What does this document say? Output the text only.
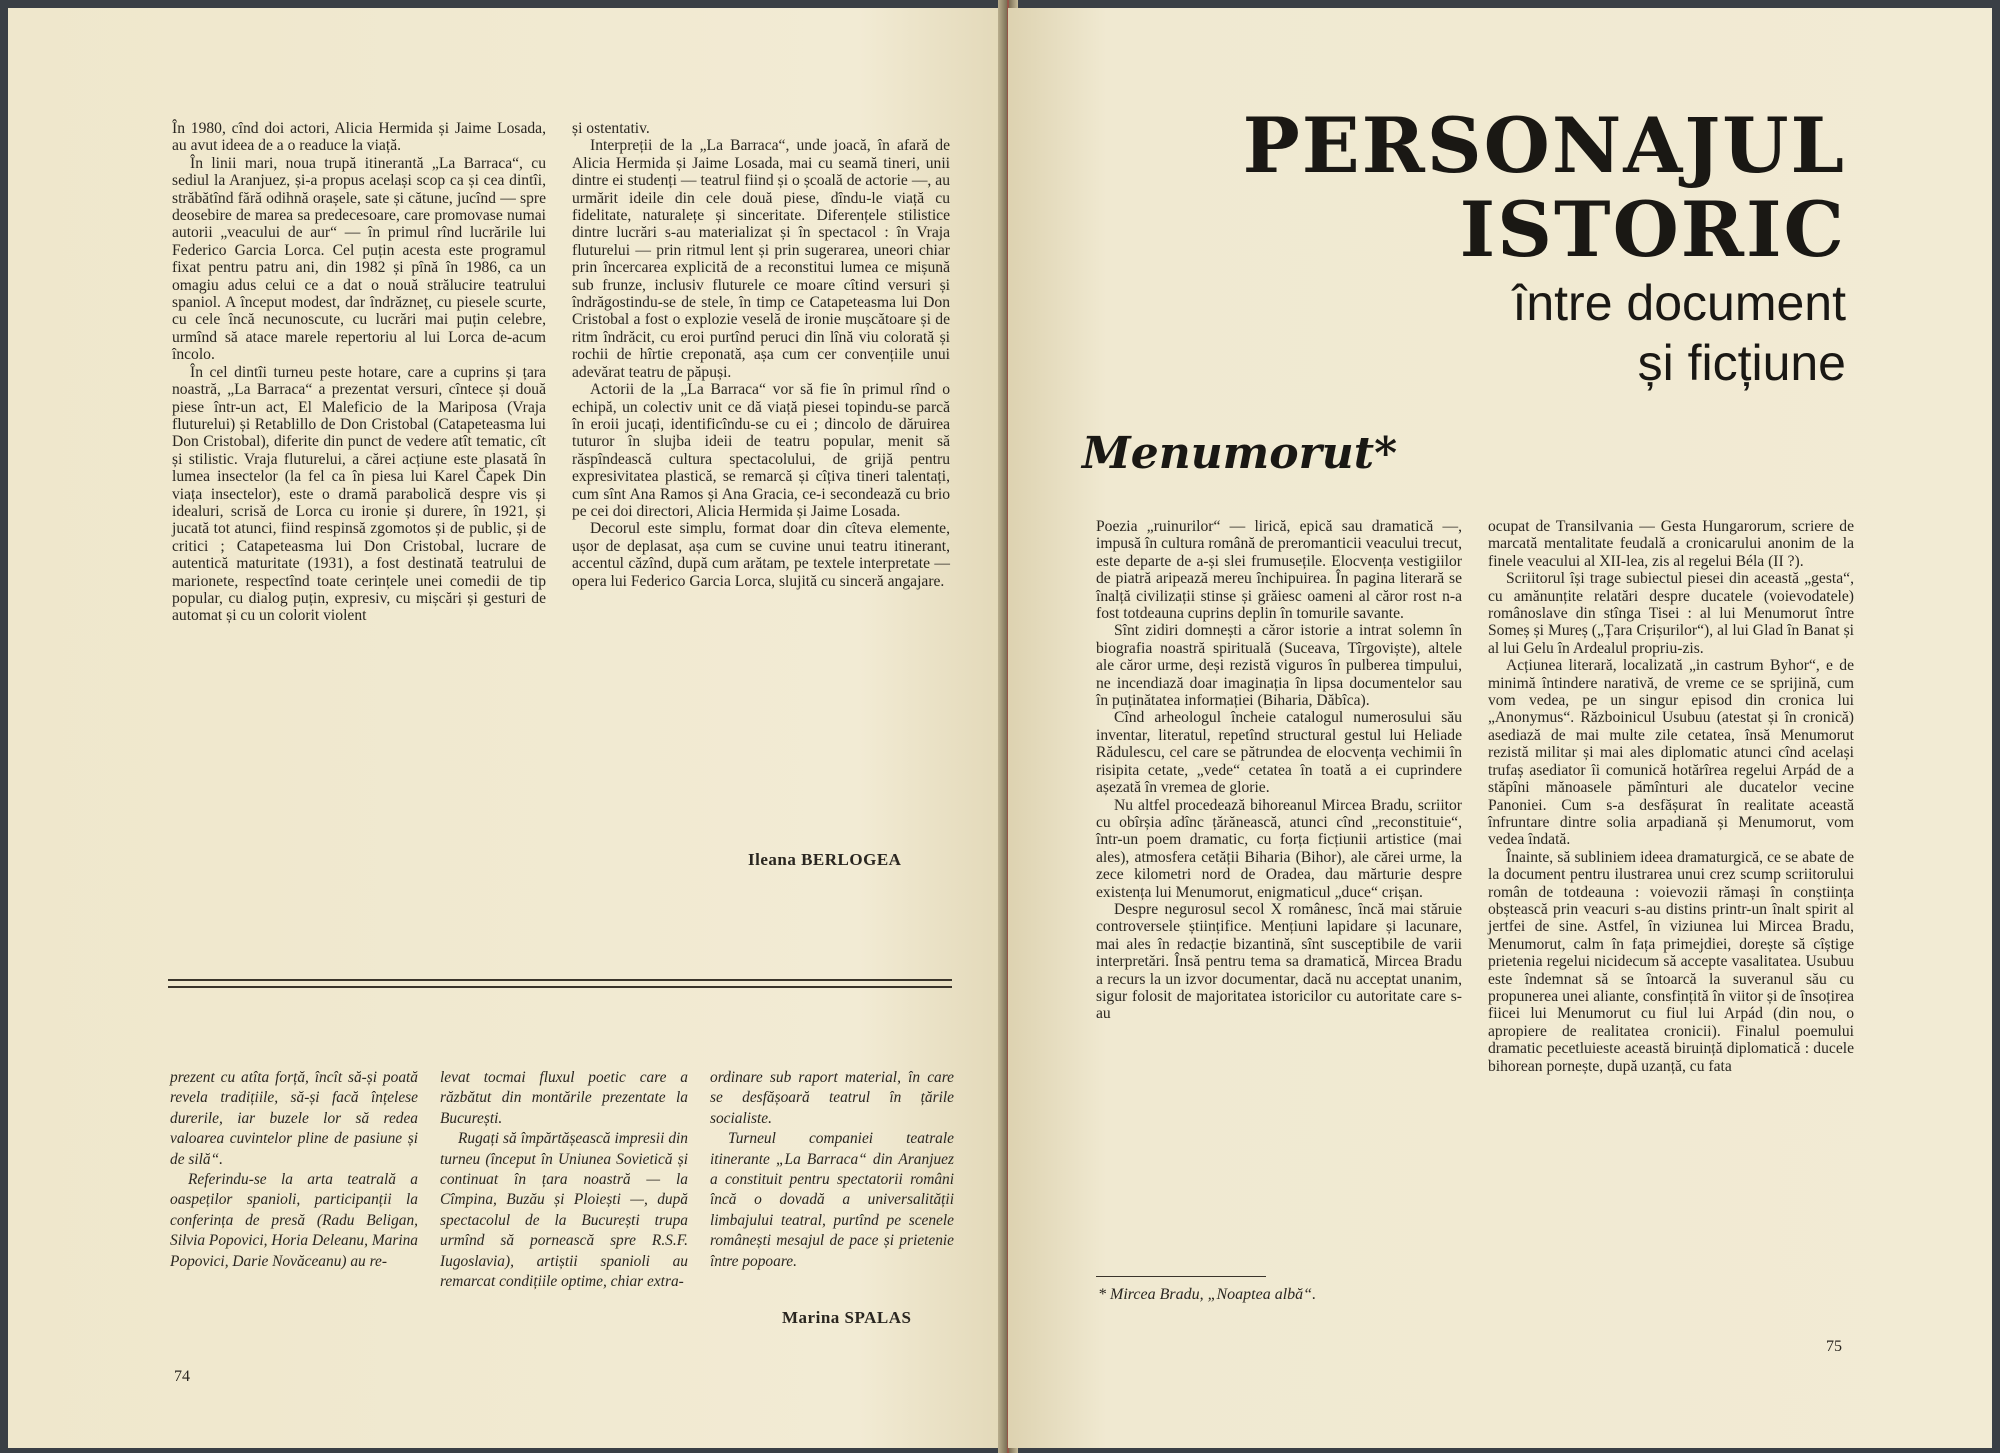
În 1980, cînd doi actori, Alicia Hermida și Jaime Losada, au avut ideea de a o readuce la viață.

În linii mari, noua trupă itinerantă „La Barraca“, cu sediul la Aranjuez, și-a propus același scop ca și cea dintîi, străbătînd fără odihnă orașele, sate și cătune, jucînd — spre deosebire de marea sa predecesoare, care promovase numai autorii „veacului de aur“ — în primul rînd lucrările lui Federico Garcia Lorca. Cel puțin acesta este programul fixat pentru patru ani, din 1982 și pînă în 1986, ca un omagiu adus celui ce a dat o nouă strălucire teatrului spaniol. A început modest, dar îndrăzneț, cu piesele scurte, cu cele încă necunoscute, cu lucrări mai puțin celebre, urmînd să atace marele repertoriu al lui Lorca de-acum încolo.

În cel dintîi turneu peste hotare, care a cuprins și țara noastră, „La Barraca“ a prezentat versuri, cîntece și două piese într-un act, El Maleficio de la Mariposa (Vraja fluturelui) și Retablillo de Don Cristobal (Catapeteasma lui Don Cristobal), diferite din punct de vedere atît tematic, cît și stilistic. Vraja fluturelui, a cărei acțiune este plasată în lumea insectelor (la fel ca în piesa lui Karel Čapek Din viața insectelor), este o dramă parabolică despre vis și idealuri, scrisă de Lorca cu ironie și durere, în 1921, și jucată tot atunci, fiind respinsă zgomotos și de public, și de critici ; Catapeteasma lui Don Cristobal, lucrare de autentică maturitate (1931), a fost destinată teatrului de marionete, respectînd toate cerințele unei comedii de tip popular, cu dialog puțin, expresiv, cu mișcări și gesturi de automat și cu un colorit violent

și ostentativ.

Interpreții de la „La Barraca“, unde joacă, în afară de Alicia Hermida și Jaime Losada, mai cu seamă tineri, unii dintre ei studenți — teatrul fiind și o școală de actorie —, au urmărit ideile din cele două piese, dîndu-le viață cu fidelitate, naturalețe și sinceritate. Diferențele stilistice dintre lucrări s-au materializat și în spectacol : în Vraja fluturelui — prin ritmul lent și prin sugerarea, uneori chiar prin încercarea explicită de a reconstitui lumea ce mișună sub frunze, inclusiv fluturele ce moare cîtind versuri și îndrăgostindu-se de stele, în timp ce Catapeteasma lui Don Cristobal a fost o explozie veselă de ironie mușcătoare și de ritm îndrăcit, cu eroi purtînd peruci din lînă viu colorată și rochii de hîrtie creponată, așa cum cer convențiile unui adevărat teatru de păpuși.

Actorii de la „La Barraca“ vor să fie în primul rînd o echipă, un colectiv unit ce dă viață piesei topindu-se parcă în eroii jucați, identificîndu-se cu ei ; dincolo de dăruirea tuturor în slujba ideii de teatru popular, menit să răspîndească cultura spectacolului, de grijă pentru expresivitatea plastică, se remarcă și cîțiva tineri talentați, cum sînt Ana Ramos și Ana Gracia, ce-i secondează cu brio pe cei doi directori, Alicia Hermida și Jaime Losada.

Decorul este simplu, format doar din cîteva elemente, ușor de deplasat, așa cum se cuvine unui teatru itinerant, accentul căzînd, după cum arătam, pe textele interpretate — opera lui Federico Garcia Lorca, slujită cu sinceră angajare.

Ileana BERLOGEA

prezent cu atîta forță, încît să-și poată revela tradițiile, să-și facă înțelese durerile, iar buzele lor să redea valoarea cuvintelor pline de pasiune și de silă“.

Referindu-se la arta teatrală a oaspeților spanioli, participanții la conferința de presă (Radu Beligan, Silvia Popovici, Horia Deleanu, Marina Popovici, Darie Novăceanu) au re-

levat tocmai fluxul poetic care a răzbătut din montările prezentate la București.

Rugați să împărtășească impresii din turneu (început în Uniunea Sovietică și continuat în țara noastră — la Cîmpina, Buzău și Ploiești —, după spectacolul de la București trupa urmînd să pornească spre R.S.F. Iugoslavia), artiștii spanioli au remarcat condițiile optime, chiar extra-

ordinare sub raport material, în care se desfășoară teatrul în țările socialiste.

Turneul companiei teatrale itinerante „La Barraca“ din Aranjuez a constituit pentru spectatorii români încă o dovadă a universalității limbajului teatral, purtînd pe scenele românești mesajul de pace și prietenie între popoare.

Marina SPALAS
74
PERSONAJUL
ISTORIC
între document
și ficțiune
Menumorut*

Poezia „ruinurilor“ — lirică, epică sau dramatică —, impusă în cultura română de preromanticii veacului trecut, este departe de a-și slei frumusețile. Elocvența vestigiilor de piatră aripează mereu închipuirea. În pagina literară se înalță civilizații stinse și grăiesc oameni al căror rost n-a fost totdeauna cuprins deplin în tomurile savante.

Sînt zidiri domnești a căror istorie a intrat solemn în biografia noastră spirituală (Suceava, Tîrgoviște), altele ale căror urme, deși rezistă viguros în pulberea timpului, ne incendiază doar imaginația în lipsa documentelor sau în puținătatea informației (Biharia, Dăbîca).

Cînd arheologul încheie catalogul numerosului său inventar, literatul, repetînd structural gestul lui Heliade Rădulescu, cel care se pătrundea de elocvența vechimii în risipita cetate, „vede“ cetatea în toată a ei cuprindere așezată în vremea de glorie.

Nu altfel procedează bihoreanul Mircea Bradu, scriitor cu obîrșia adînc țărănească, atunci cînd „reconstituie“, într-un poem dramatic, cu forța ficțiunii artistice (mai ales), atmosfera cetății Biharia (Bihor), ale cărei urme, la zece kilometri nord de Oradea, dau mărturie despre existența lui Menumorut, enigmaticul „duce“ crișan.

Despre negurosul secol X românesc, încă mai stăruie controversele științifice. Mențiuni lapidare și lacunare, mai ales în redacție bizantină, sînt susceptibile de varii interpretări. Însă pentru tema sa dramatică, Mircea Bradu a recurs la un izvor documentar, dacă nu acceptat unanim, sigur folosit de majoritatea istoricilor cu autoritate care s-au

* Mircea Bradu, „Noaptea albă“.

ocupat de Transilvania — Gesta Hungarorum, scriere de marcată mentalitate feudală a cronicarului anonim de la finele veacului al XII-lea, zis al regelui Béla (II ?).

Scriitorul își trage subiectul piesei din această „gesta“, cu amănunțite relatări despre ducatele (voievodatele) românoslave din stînga Tisei : al lui Menumorut între Someș și Mureș („Țara Crișurilor“), al lui Glad în Banat și al lui Gelu în Ardealul propriu-zis.

Acțiunea literară, localizată „in castrum Byhor“, e de minimă întindere narativă, de vreme ce se sprijină, cum vom vedea, pe un singur episod din cronica lui „Anonymus“. Războinicul Usubuu (atestat și în cronică) asediază de mai multe zile cetatea, însă Menumorut rezistă militar și mai ales diplomatic atunci cînd același trufaș asediator îi comunică hotărîrea regelui Arpád de a stăpîni mănoasele pămînturi ale ducatelor vecine Panoniei. Cum s-a desfășurat în realitate această înfruntare dintre solia arpadiană și Menumorut, vom vedea îndată.

Înainte, să subliniem ideea dramaturgică, ce se abate de la document pentru ilustrarea unui crez scump scriitorului român de totdeauna : voievozii rămași în conștiința obștească prin veacuri s-au distins printr-un înalt spirit al jertfei de sine. Astfel, în viziunea lui Mircea Bradu, Menumorut, calm în fața primejdiei, dorește să cîștige prietenia regelui nicidecum să accepte vasalitatea. Usubuu este îndemnat să se întoarcă la suveranul său cu propunerea unei aliante, consfințită în viitor și de însoțirea fiicei lui Menumorut cu fiul lui Arpád (din nou, o apropiere de realitatea cronicii). Finalul poemului dramatic pecetluieste această biruință diplomatică : ducele bihorean pornește, după uzanță, cu fata

75
